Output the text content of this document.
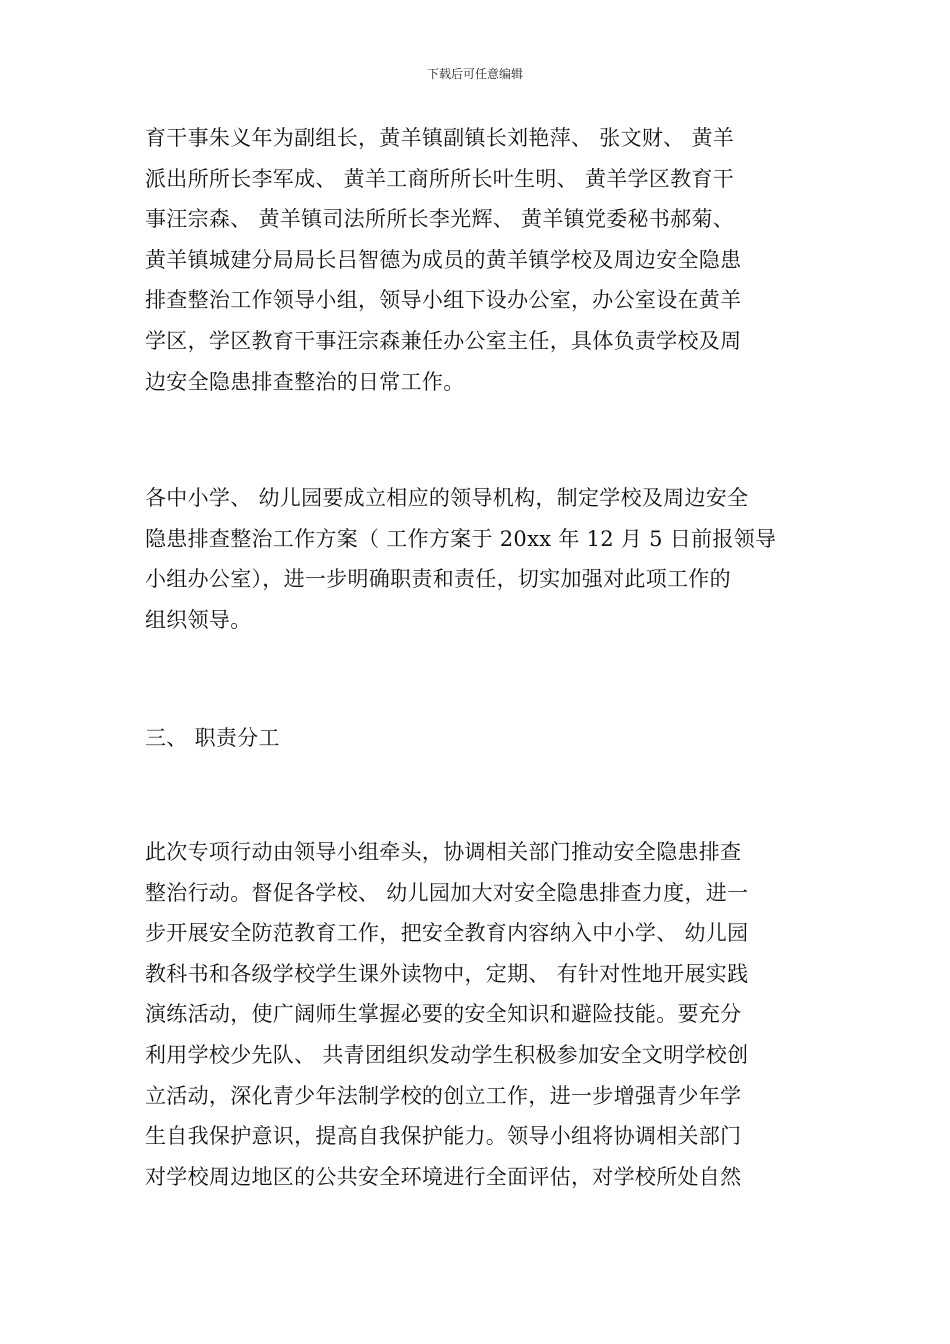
下载后可任意编辑
育干事朱义年为副组长，黄羊镇副镇长刘艳萍、 张文财、 黄羊
派出所所长李军成、 黄羊工商所所长叶生明、 黄羊学区教育干
事汪宗森、 黄羊镇司法所所长李光辉、 黄羊镇党委秘书郝菊、
黄羊镇城建分局局长吕智德为成员的黄羊镇学校及周边安全隐患
排查整治工作领导小组，领导小组下设办公室，办公室设在黄羊
学区，学区教育干事汪宗森兼任办公室主任，具体负责学校及周
边安全隐患排查整治的日常工作。
各中小学、 幼儿园要成立相应的领导机构，制定学校及周边安全
隐患排查整治工作方案（ 工作方案于 20xx 年 12 月 5 日前报领导
小组办公室），进一步明确职责和责任，切实加强对此项工作的
组织领导。
三、 职责分工
此次专项行动由领导小组牵头，协调相关部门推动安全隐患排查
整治行动。督促各学校、 幼儿园加大对安全隐患排查力度，进一
步开展安全防范教育工作，把安全教育内容纳入中小学、 幼儿园
教科书和各级学校学生课外读物中，定期、 有针对性地开展实践
演练活动，使广阔师生掌握必要的安全知识和避险技能。要充分
利用学校少先队、 共青团组织发动学生积极参加安全文明学校创
立活动，深化青少年法制学校的创立工作，进一步增强青少年学
生自我保护意识，提高自我保护能力。领导小组将协调相关部门
对学校周边地区的公共安全环境进行全面评估，对学校所处自然
